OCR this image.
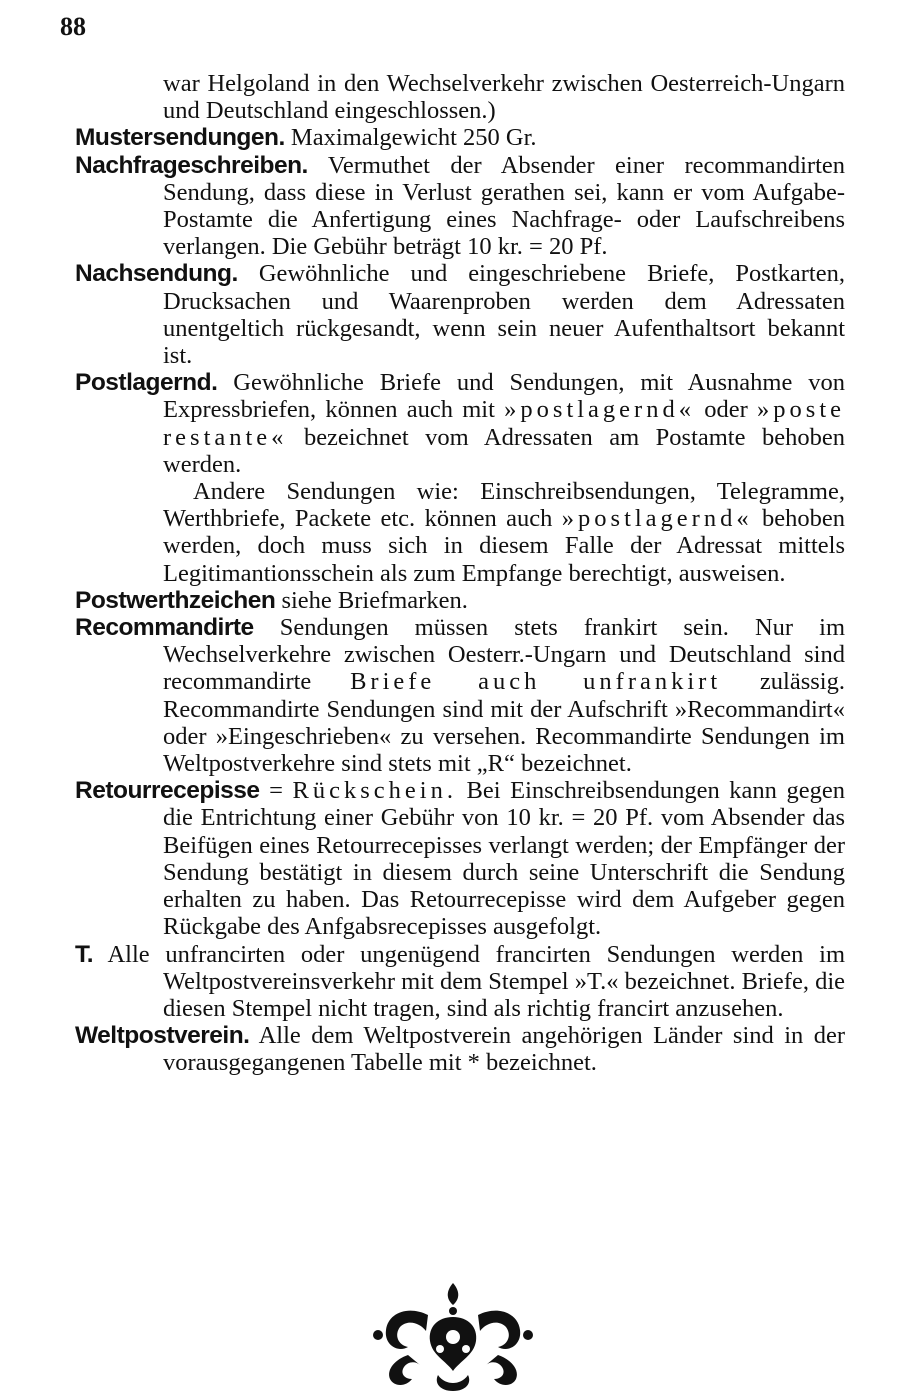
88

war Helgoland in den Wechselverkehr zwischen Oesterreich-Ungarn und Deutschland eingeschlossen.)

Mustersendungen. Maximalgewicht 250 Gr.

Nachfrageschreiben. Vermuthet der Absender einer recommandirten Sendung, dass diese in Verlust gerathen sei, kann er vom Aufgabe-Postamte die Anfertigung eines Nachfrage- oder Laufschreibens verlangen. Die Gebühr beträgt 10 kr. = 20 Pf.

Nachsendung. Gewöhnliche und eingeschriebene Briefe, Postkarten, Drucksachen und Waarenproben werden dem Adressaten unentgeltich rückgesandt, wenn sein neuer Aufenthaltsort bekannt ist.

Postlagernd. Gewöhnliche Briefe und Sendungen, mit Ausnahme von Expressbriefen, können auch mit »postlagernd« oder »poste restante« bezeichnet vom Adressaten am Postamte behoben werden.

Andere Sendungen wie: Einschreibsendungen, Telegramme, Werthbriefe, Packete etc. können auch »postlagernd« behoben werden, doch muss sich in diesem Falle der Adressat mittels Legitimantionsschein als zum Empfange berechtigt, ausweisen.

Postwerthzeichen siehe Briefmarken.

Recommandirte Sendungen müssen stets frankirt sein. Nur im Wechselverkehre zwischen Oesterr.-Ungarn und Deutschland sind recommandirte Briefe auch unfrankirt zulässig. Recommandirte Sendungen sind mit der Aufschrift »Recommandirt« oder »Eingeschrieben« zu versehen. Recommandirte Sendungen im Weltpostverkehre sind stets mit „R“ bezeichnet.

Retourrecepisse = Rückschein. Bei Einschreibsendungen kann gegen die Entrichtung einer Gebühr von 10 kr. = 20 Pf. vom Absender das Beifügen eines Retourrecepisses verlangt werden; der Empfänger der Sendung bestätigt in diesem durch seine Unterschrift die Sendung erhalten zu haben. Das Retourrecepisse wird dem Aufgeber gegen Rückgabe des Anfgabsrecepisses ausgefolgt.

T. Alle unfrancirten oder ungenügend francirten Sendungen werden im Weltpostvereinsverkehr mit dem Stempel »T.« bezeichnet. Briefe, die diesen Stempel nicht tragen, sind als richtig francirt anzusehen.

Weltpostverein. Alle dem Weltpostverein angehörigen Länder sind in der vorausgegangenen Tabelle mit * bezeichnet.
